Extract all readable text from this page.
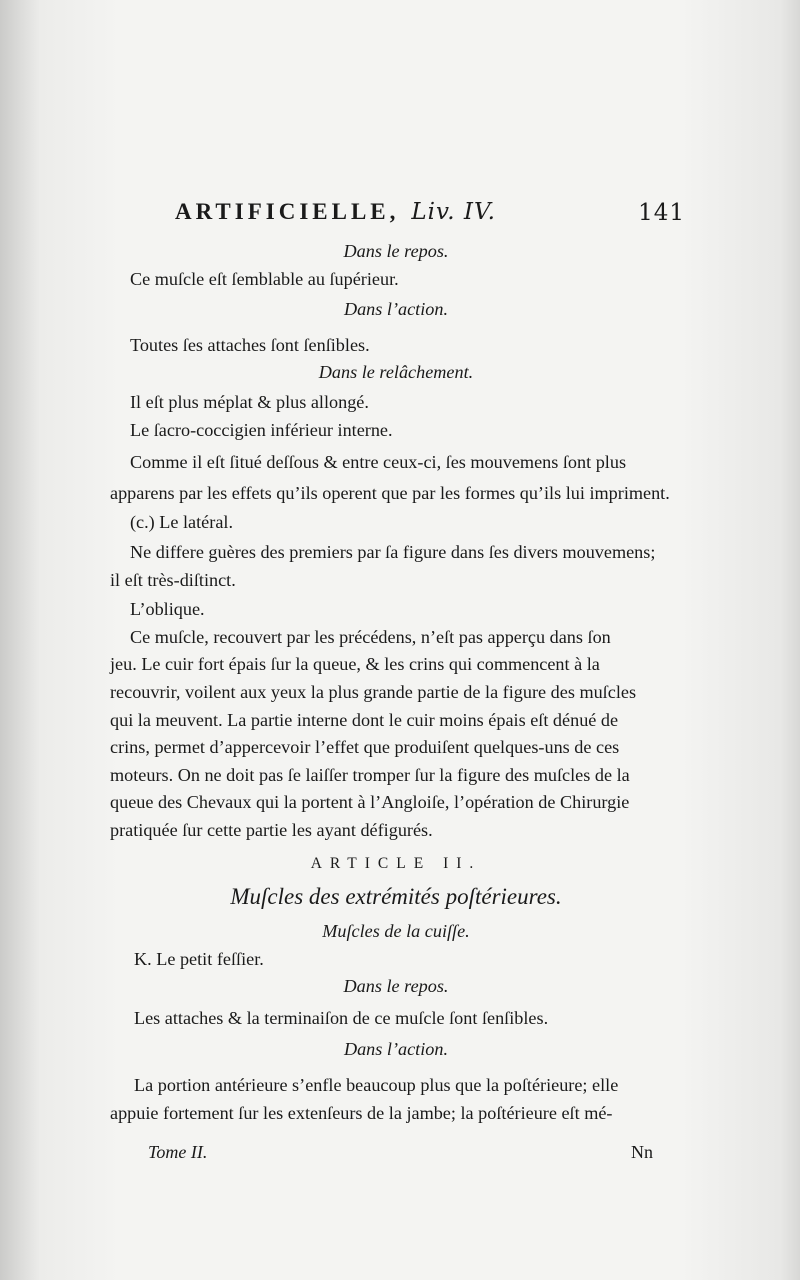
ARTIFICIELLE, Liv. IV.	141
Dans le repos.
Ce muſcle eſt ſemblable au ſupérieur.
Dans l’action.
Toutes ſes attaches ſont ſenſibles.
Dans le relâchement.
Il eſt plus méplat & plus allongé.
Le ſacro-coccigien inférieur interne.
Comme il eſt ſitué deſſous & entre ceux-ci, ſes mouvemens ſont plus
apparens par les effets qu’ils operent que par les formes qu’ils lui impriment.
(c.) Le latéral.
Ne differe guères des premiers par ſa figure dans ſes divers mouvemens;
il eſt très-diſtinct.
L’oblique.
Ce muſcle, recouvert par les précédens, n’eſt pas apperçu dans ſon
jeu. Le cuir fort épais ſur la queue, & les crins qui commencent à la
recouvrir, voilent aux yeux la plus grande partie de la figure des muſcles
qui la meuvent. La partie interne dont le cuir moins épais eſt dénué de
crins, permet d’appercevoir l’effet que produiſent quelques-uns de ces
moteurs. On ne doit pas ſe laiſſer tromper ſur la figure des muſcles de la
queue des Chevaux qui la portent à l’Angloiſe, l’opération de Chirurgie
pratiquée ſur cette partie les ayant défigurés.
ARTICLE II.
Muſcles des extrémités poſtérieures.
Muſcles de la cuiſſe.
K. Le petit feſſier.
Dans le repos.
Les attaches & la terminaiſon de ce muſcle ſont ſenſibles.
Dans l’action.
La portion antérieure s’enfle beaucoup plus que la poſtérieure; elle
appuie fortement ſur les extenſeurs de la jambe; la poſtérieure eſt mé-
Tome II.	Nn
